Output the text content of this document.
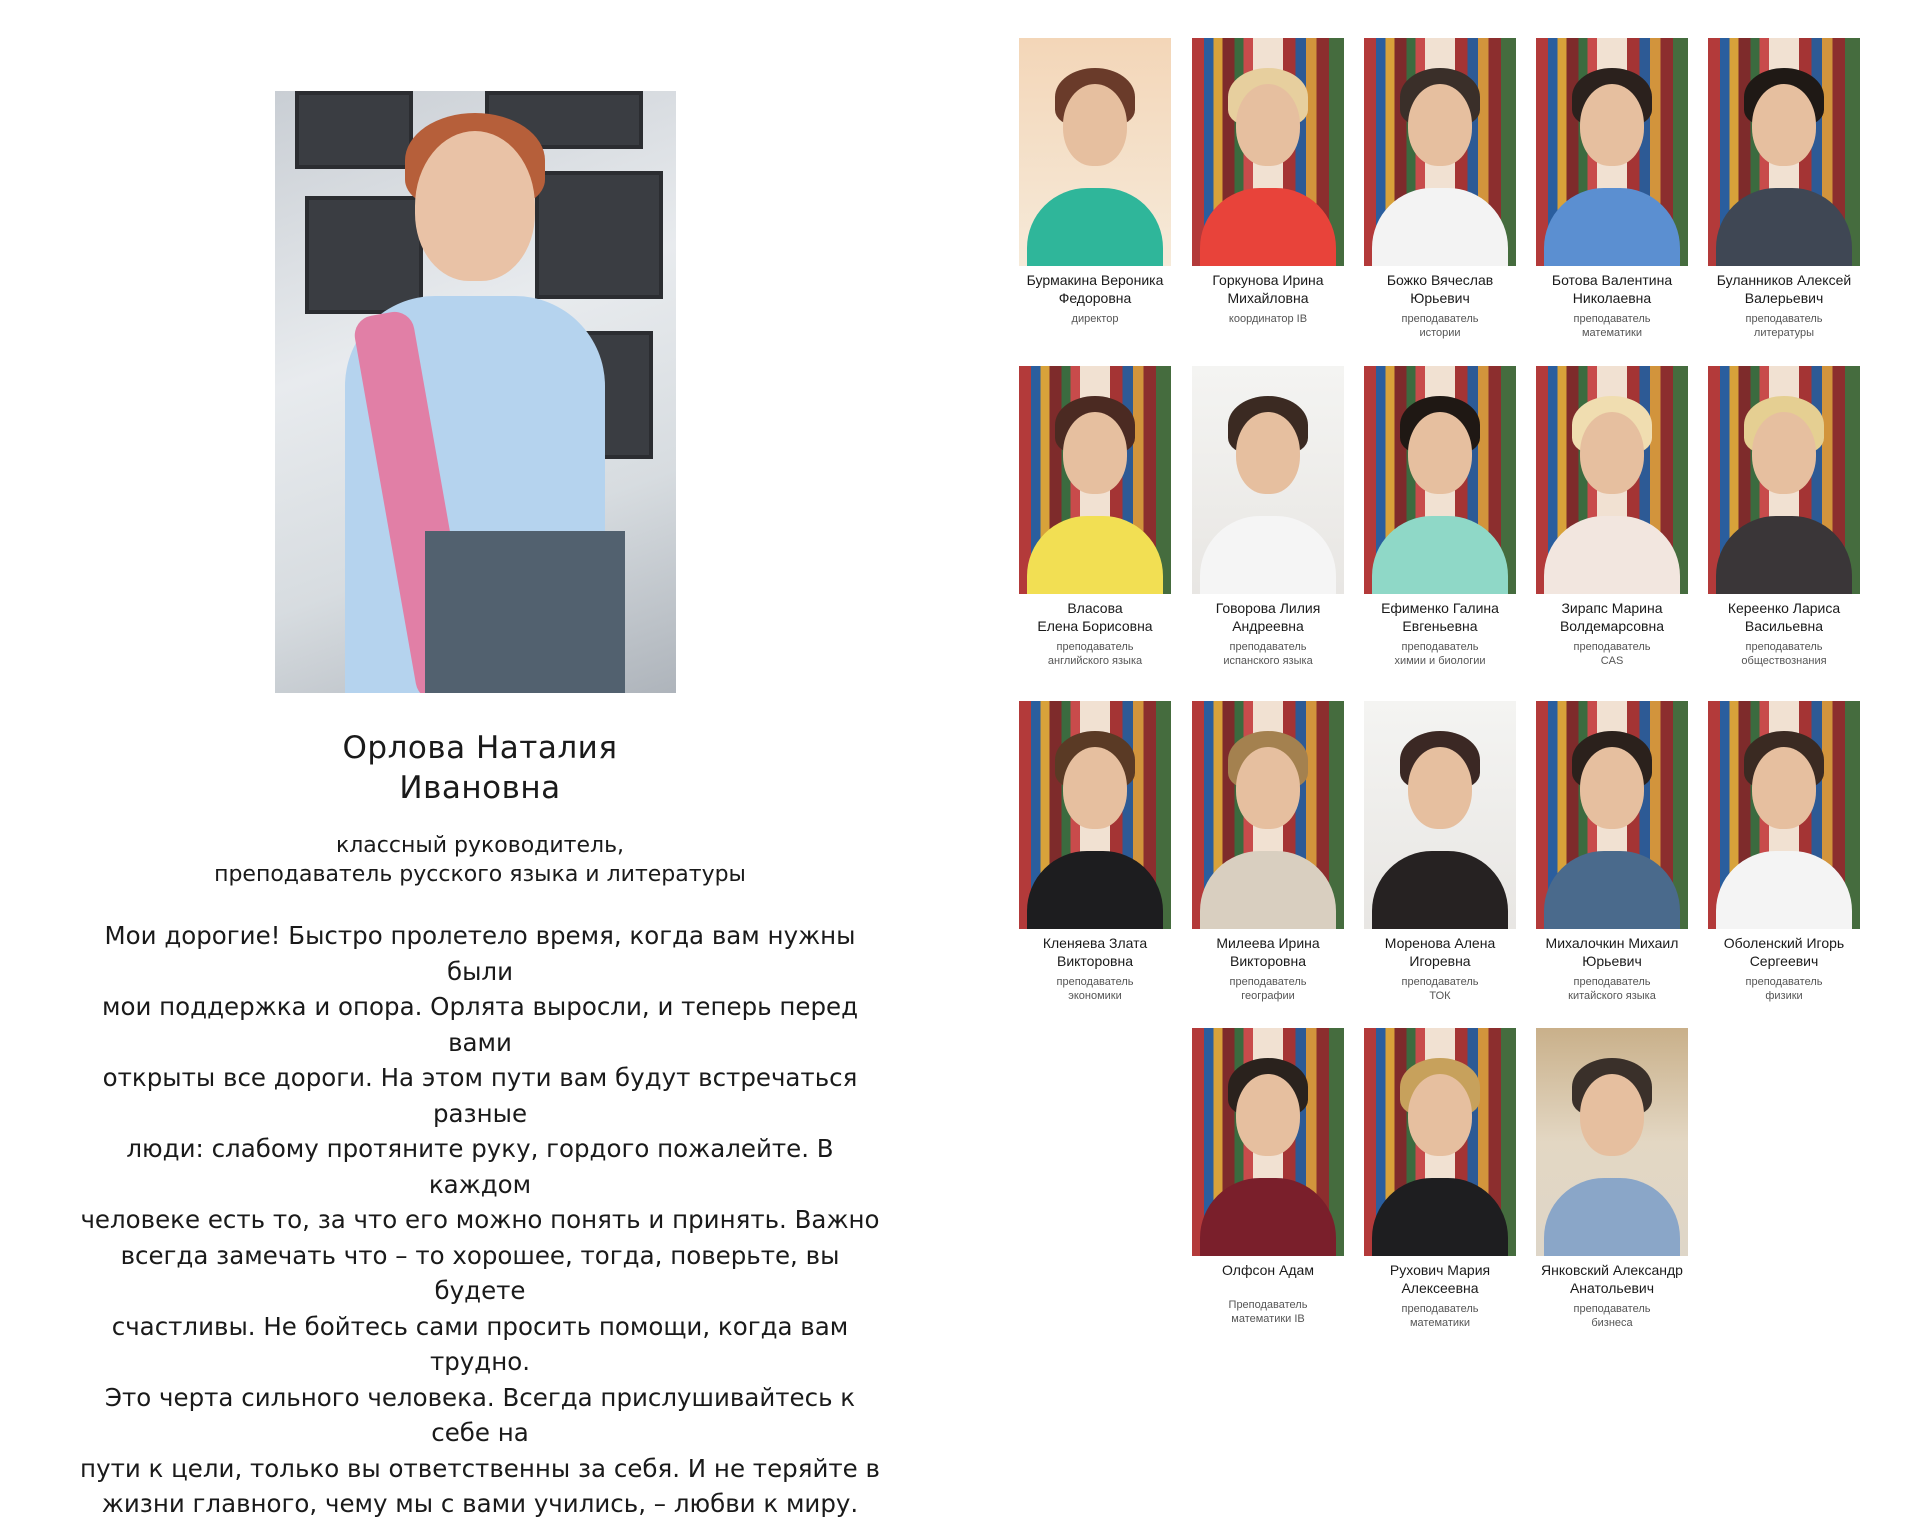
Орлова Наталия
Ивановна
классный руководитель,
преподаватель русского языка и литературы
Мои дорогие! Быстро пролетело время, когда вам нужны были
мои поддержка и опора. Орлята выросли, и теперь перед вами
открыты все дороги. На этом пути вам будут встречаться разные
люди: слабому протяните руку, гордого пожалейте. В каждом
человеке есть то, за что его можно понять и принять. Важно
всегда замечать что – то хорошее, тогда, поверьте, вы будете
счастливы. Не бойтесь сами просить помощи, когда вам трудно.
Это черта сильного человека. Всегда прислушивайтесь к себе на
пути к цели, только вы ответственны за себя. И не теряйте в
жизни главного, чему мы с вами учились, – любви к миру.
Бурмакина Вероника
Федоровна
директор
Горкунова Ирина
Михайловна
координатор IB
Божко Вячеслав
Юрьевич
преподаватель
истории
Ботова Валентина
Николаевна
преподаватель
математики
Буланников Алексей
Валерьевич
преподаватель
литературы
Власова
Елена Борисовна
преподаватель
английского языка
Говорова Лилия
Андреевна
преподаватель
испанского языка
Ефименко Галина
Евгеньевна
преподаватель
химии и биологии
Зирапс Марина
Волдемарсовна
преподаватель
CAS
Кереенко Лариса
Васильевна
преподаватель
обществознания
Кленяева Злата
Викторовна
преподаватель
экономики
Милеева Ирина
Викторовна
преподаватель
географии
Моренова Алена
Игоревна
преподаватель
ТОК
Михалочкин Михаил
Юрьевич
преподаватель
китайского языка
Оболенский Игорь
Сергеевич
преподаватель
физики
Олфсон Адам
Преподаватель
математики IB
Рухович Мария
Алексеевна
преподаватель
математики
Янковский Александр
Анатольевич
преподаватель
бизнеса
